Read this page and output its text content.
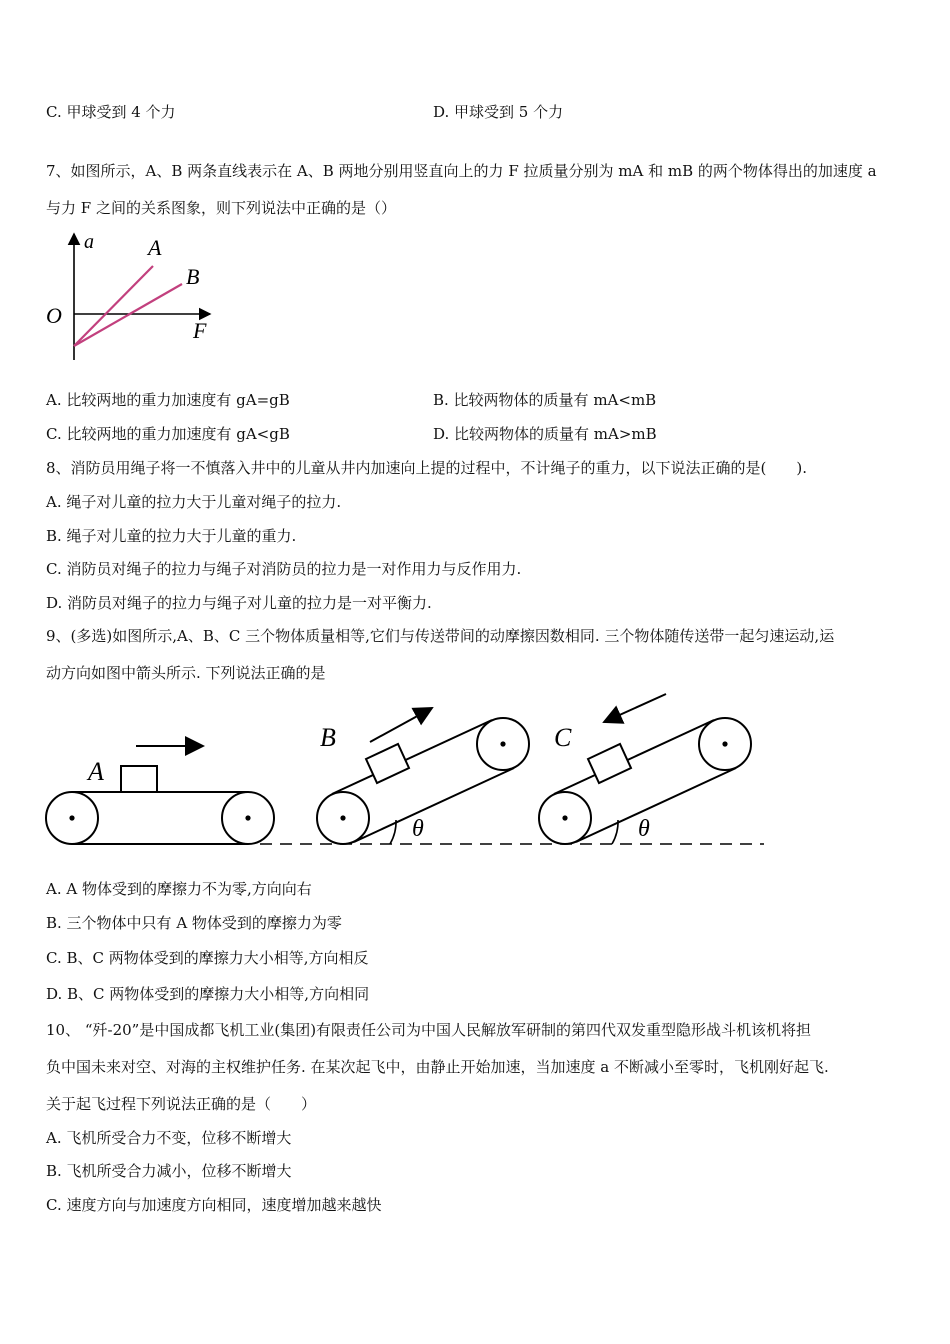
C. 甲球受到 4 个力	D. 甲球受到 5 个力
7、如图所示，A、B 两条直线表示在 A、B 两地分别用竖直向上的力 F 拉质量分别为 mA 和 mB 的两个物体得出的加速度 a
与力 F 之间的关系图象，则下列说法中正确的是（）
a
F
O
A
B
A. 比较两地的重力加速度有 gA=gB	B. 比较两物体的质量有 mA<mB
C. 比较两地的重力加速度有 gA<gB	D. 比较两物体的质量有 mA>mB
8、消防员用绳子将一不慎落入井中的儿童从井内加速向上提的过程中，不计绳子的重力，以下说法正确的是(　　).
A. 绳子对儿童的拉力大于儿童对绳子的拉力.
B. 绳子对儿童的拉力大于儿童的重力.
C. 消防员对绳子的拉力与绳子对消防员的拉力是一对作用力与反作用力.
D. 消防员对绳子的拉力与绳子对儿童的拉力是一对平衡力.
9、(多选)如图所示,A、B、C 三个物体质量相等,它们与传送带间的动摩擦因数相同. 三个物体随传送带一起匀速运动,运
动方向如图中箭头所示. 下列说法正确的是
A
B
θ
C
θ
A. A 物体受到的摩擦力不为零,方向向右
B. 三个物体中只有 A 物体受到的摩擦力为零
C. B、C 两物体受到的摩擦力大小相等,方向相反
D. B、C 两物体受到的摩擦力大小相等,方向相同
10、 “歼-20”是中国成都飞机工业(集团)有限责任公司为中国人民解放军研制的第四代双发重型隐形战斗机该机将担
负中国未来对空、对海的主权维护任务. 在某次起飞中，由静止开始加速，当加速度 a 不断减小至零时，飞机刚好起飞.
关于起飞过程下列说法正确的是（　　）
A. 飞机所受合力不变，位移不断增大
B. 飞机所受合力减小，位移不断增大
C. 速度方向与加速度方向相同，速度增加越来越快
